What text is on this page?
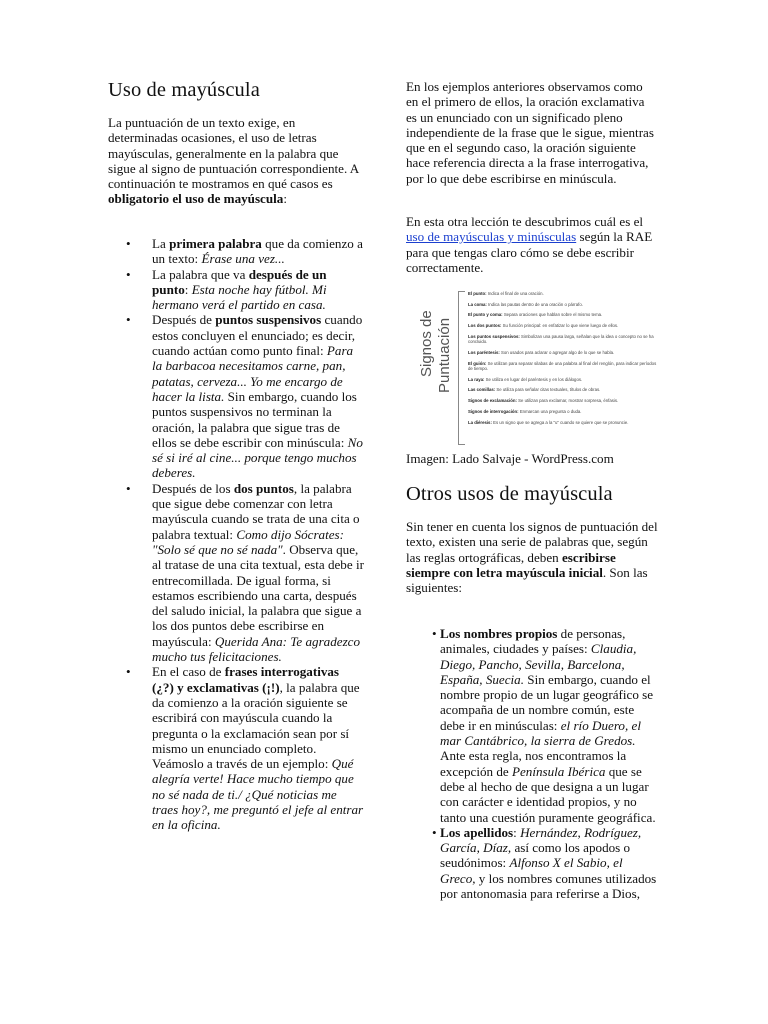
Uso de mayúscula

La puntuación de un texto exige, en determinadas ocasiones, el uso de letras mayúsculas, generalmente en la palabra que sigue al signo de puntuación correspondiente. A continuación te mostramos en qué casos es obligatorio el uso de mayúscula:

• La primera palabra que da comienzo a un texto: Érase una vez...
• La palabra que va después de un punto: Esta noche hay fútbol. Mi hermano verá el partido en casa.
• Después de puntos suspensivos cuando estos concluyen el enunciado; es decir, cuando actúan como punto final: Para la barbacoa necesitamos carne, pan, patatas, cerveza... Yo me encargo de hacer la lista. Sin embargo, cuando los puntos suspensivos no terminan la oración, la palabra que sigue tras de ellos se debe escribir con minúscula: No sé si iré al cine... porque tengo muchos deberes.
• Después de los dos puntos, la palabra que sigue debe comenzar con letra mayúscula cuando se trata de una cita o palabra textual: Como dijo Sócrates: "Solo sé que no sé nada". Observa que, al tratase de una cita textual, esta debe ir entrecomillada. De igual forma, si estamos escribiendo una carta, después del saludo inicial, la palabra que sigue a los dos puntos debe escribirse en mayúscula: Querida Ana: Te agradezco mucho tus felicitaciones.
• En el caso de frases interrogativas (¿?) y exclamativas (¡!), la palabra que da comienzo a la oración siguiente se escribirá con mayúscula cuando la pregunta o la exclamación sean por sí mismo un enunciado completo. Veámoslo a través de un ejemplo: Qué alegría verte! Hace mucho tiempo que no sé nada de ti./ ¿Qué noticias me traes hoy?, me preguntó el jefe al entrar en la oficina.

En los ejemplos anteriores observamos como en el primero de ellos, la oración exclamativa es un enunciado con un significado pleno independiente de la frase que le sigue, mientras que en el segundo caso, la oración siguiente hace referencia directa a la frase interrogativa, por lo que debe escribirse en minúscula.

En esta otra lección te descubrimos cuál es el uso de mayúsculas y minúsculas según la RAE para que tengas claro cómo se debe escribir correctamente.

Signos de Puntuación
El punto: Indica el final de una oración.
La coma: Indica las pautas dentro de una oración o párrafo.
El punto y coma: Separa oraciones que hablan sobre el mismo tema.
Los dos puntos: Su función principal: en enfatizar lo que viene luego de ellos.
Los puntos suspensivos: Simbolizan una pausa larga, señalan que la idea o concepto no se ha concluido.
Los paréntesis: Son usados para aclarar o agregar algo de lo que se habla.
El guión: Se utilizan para separar silabas de una palabra al final del renglón, para indicar períodos de tiempo.
La raya: Se utiliza en lugar del paréntesis y en los diálogos.
Las comillas: Se utiliza para señalar citas textuales, títulos de obras.
Signos de exclamación: Se utilizan para exclamar, mostrar sorpresa, énfasis.
Signos de interrogación: Enmarcan una pregunta o duda.
La diéresis: Es un signo que se agrega a la "u" cuando se quiere que se pronuncie.

Imagen: Lado Salvaje - WordPress.com

Otros usos de mayúscula

Sin tener en cuenta los signos de puntuación del texto, existen una serie de palabras que, según las reglas ortográficas, deben escribirse siempre con letra mayúscula inicial. Son las siguientes:

• Los nombres propios de personas, animales, ciudades y países: Claudia, Diego, Pancho, Sevilla, Barcelona, España, Suecia. Sin embargo, cuando el nombre propio de un lugar geográfico se acompaña de un nombre común, este debe ir en minúsculas: el río Duero, el mar Cantábrico, la sierra de Gredos. Ante esta regla, nos encontramos la excepción de Península Ibérica que se debe al hecho de que designa a un lugar con carácter e identidad propios, y no tanto una cuestión puramente geográfica.
• Los apellidos: Hernández, Rodríguez, García, Díaz, así como los apodos o seudónimos: Alfonso X el Sabio, el Greco, y los nombres comunes utilizados por antonomasia para referirse a Dios,
